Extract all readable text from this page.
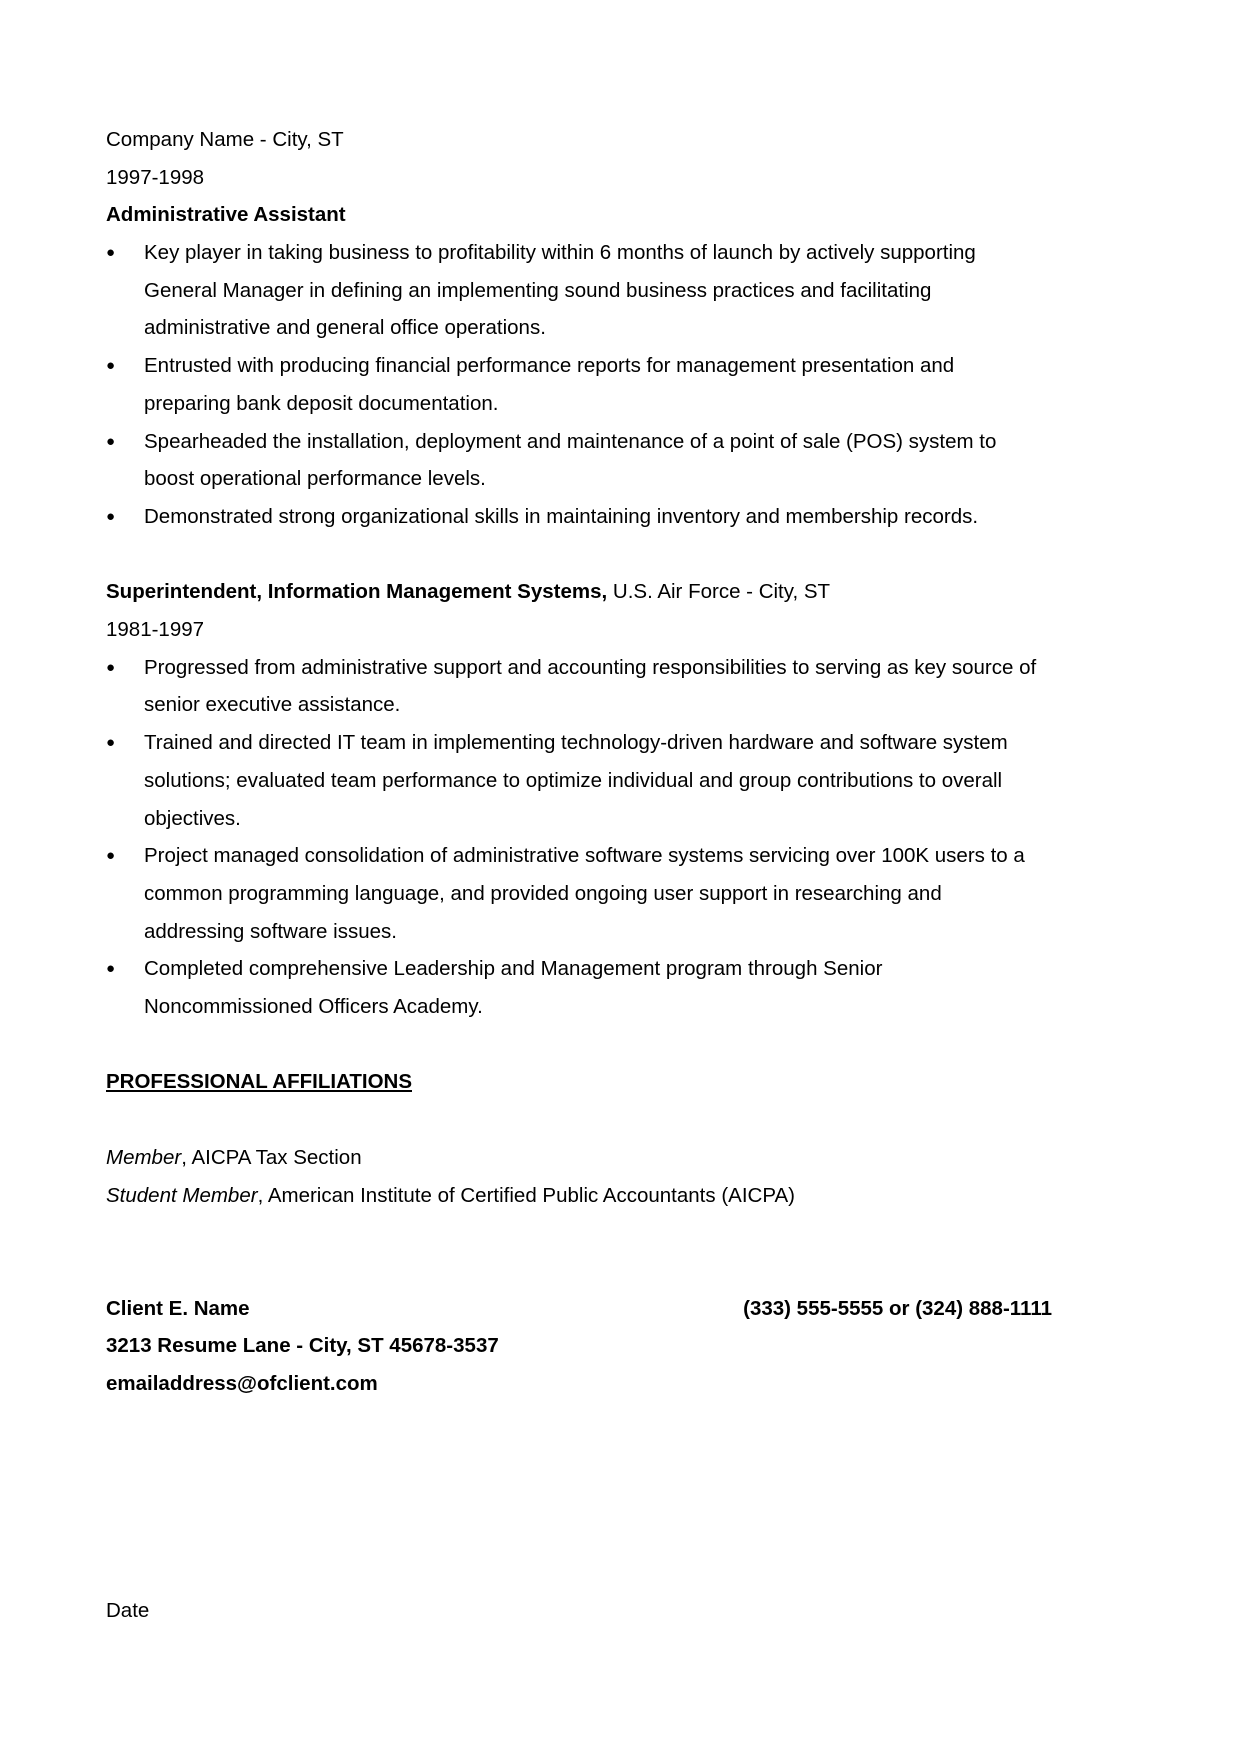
Company Name - City, ST
1997-1998
Administrative Assistant
● Key player in taking business to profitability within 6 months of launch by actively supporting
General Manager in defining an implementing sound business practices and facilitating
administrative and general office operations.
● Entrusted with producing financial performance reports for management presentation and
preparing bank deposit documentation.
● Spearheaded the installation, deployment and maintenance of a point of sale (POS) system to
boost operational performance levels.
● Demonstrated strong organizational skills in maintaining inventory and membership records.
Superintendent, Information Management Systems, U.S. Air Force - City, ST
1981-1997
● Progressed from administrative support and accounting responsibilities to serving as key source of
senior executive assistance.
● Trained and directed IT team in implementing technology-driven hardware and software system
solutions; evaluated team performance to optimize individual and group contributions to overall
objectives.
● Project managed consolidation of administrative software systems servicing over 100K users to a
common programming language, and provided ongoing user support in researching and
addressing software issues.
● Completed comprehensive Leadership and Management program through Senior
Noncommissioned Officers Academy.
PROFESSIONAL AFFILIATIONS
Member, AICPA Tax Section
Student Member, American Institute of Certified Public Accountants (AICPA)
Client E. Name	(333) 555-5555 or (324) 888-1111
3213 Resume Lane - City, ST 45678-3537
emailaddress@ofclient.com
Date
